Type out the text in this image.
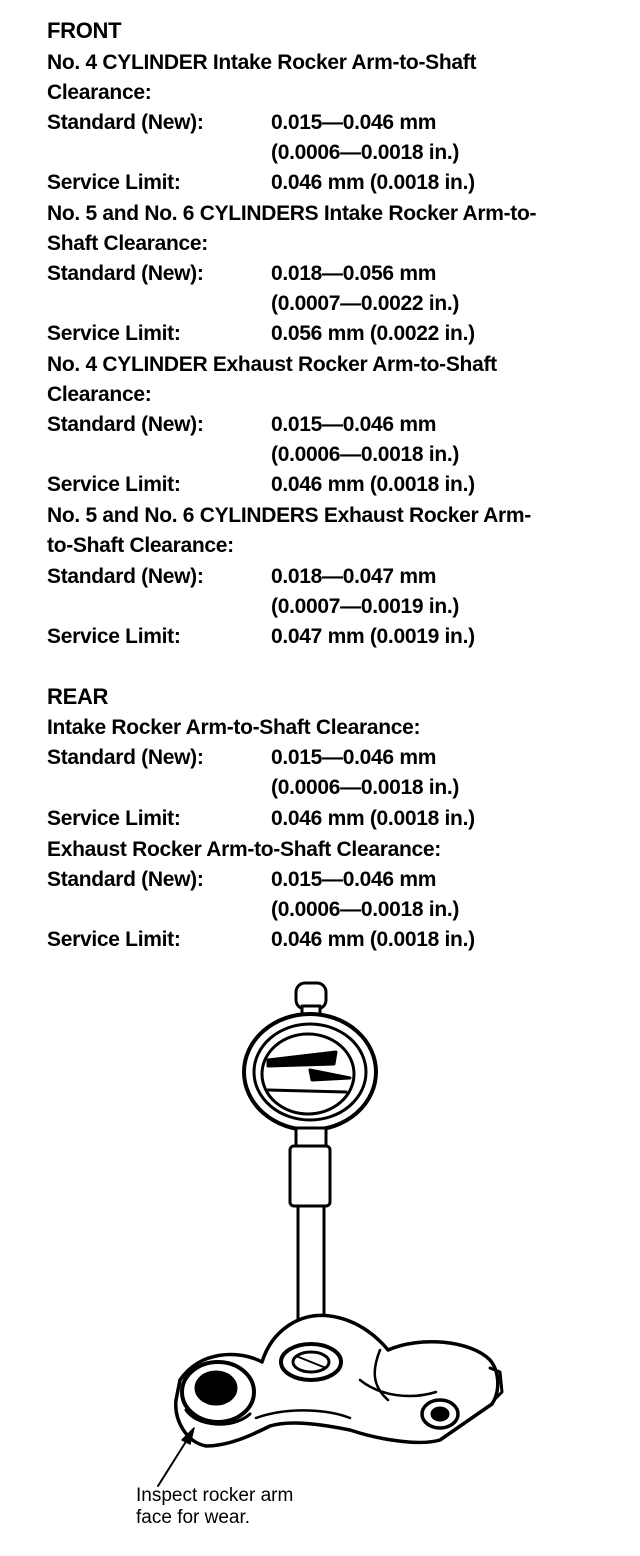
FRONT
No. 4 CYLINDER Intake Rocker Arm-to-Shaft
Clearance:
Standard (New):	0.015—0.046 mm
(0.0006—0.0018 in.)
Service Limit:	0.046 mm (0.0018 in.)
No. 5 and No. 6 CYLINDERS Intake Rocker Arm-to-
Shaft Clearance:
Standard (New):	0.018—0.056 mm
(0.0007—0.0022 in.)
Service Limit:	0.056 mm (0.0022 in.)
No. 4 CYLINDER Exhaust Rocker Arm-to-Shaft
Clearance:
Standard (New):	0.015—0.046 mm
(0.0006—0.0018 in.)
Service Limit:	0.046 mm (0.0018 in.)
No. 5 and No. 6 CYLINDERS Exhaust Rocker Arm-
to-Shaft Clearance:
Standard (New):	0.018—0.047 mm
(0.0007—0.0019 in.)
Service Limit:	0.047 mm (0.0019 in.)
REAR
Intake Rocker Arm-to-Shaft Clearance:
Standard (New):	0.015—0.046 mm
(0.0006—0.0018 in.)
Service Limit:	0.046 mm (0.0018 in.)
Exhaust Rocker Arm-to-Shaft Clearance:
Standard (New):	0.015—0.046 mm
(0.0006—0.0018 in.)
Service Limit:	0.046 mm (0.0018 in.)
Inspect rocker arm
face for wear.
